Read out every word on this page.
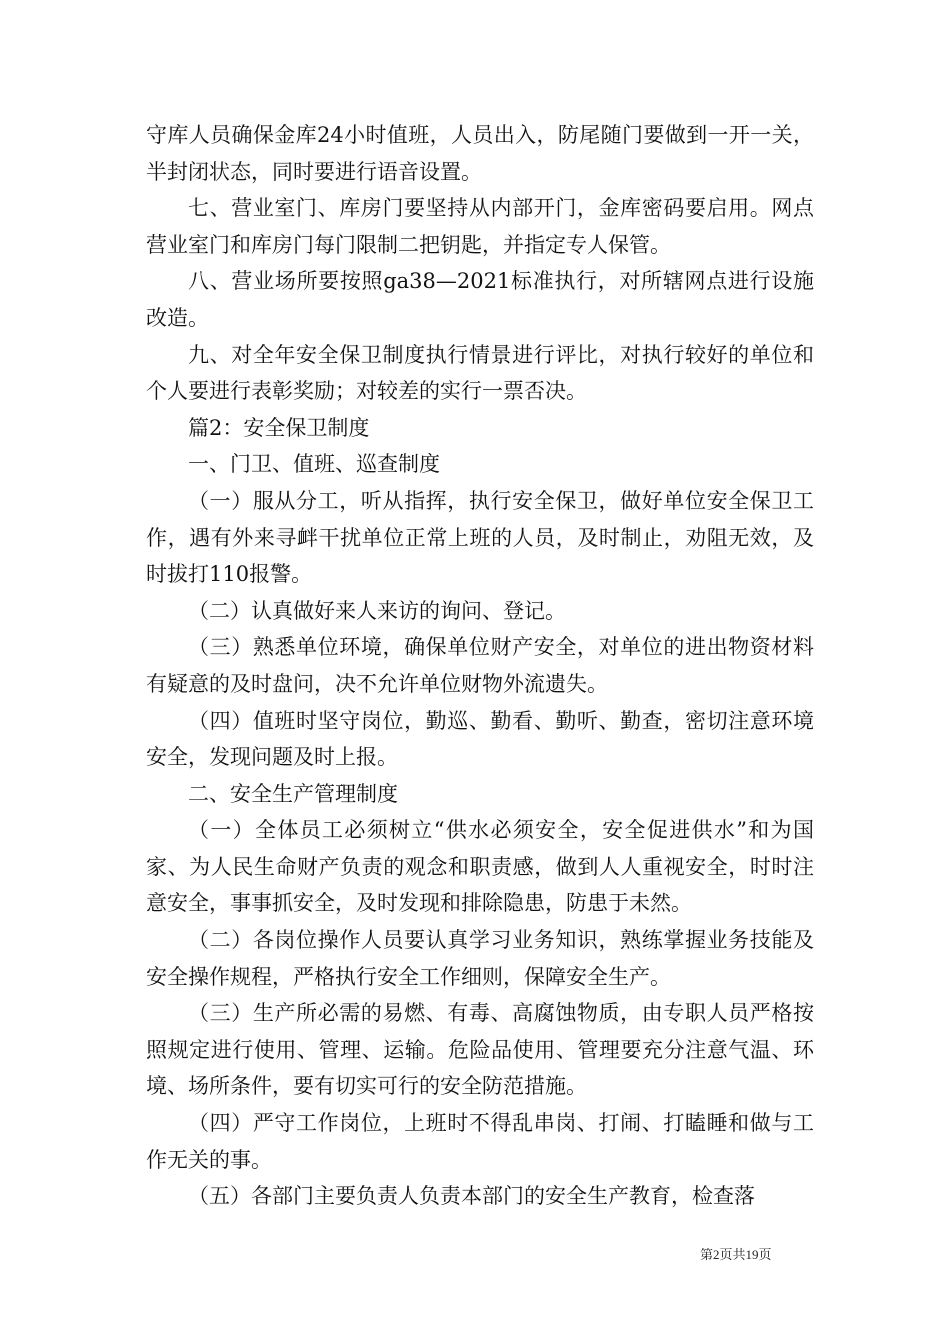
守库人员确保金库24小时值班，人员出入，防尾随门要做到一开一关，半封闭状态，同时要进行语音设置。

七、营业室门、库房门要坚持从内部开门，金库密码要启用。网点营业室门和库房门每门限制二把钥匙，并指定专人保管。

八、营业场所要按照ga38—2021标准执行，对所辖网点进行设施改造。

九、对全年安全保卫制度执行情景进行评比，对执行较好的单位和个人要进行表彰奖励；对较差的实行一票否决。

篇2：安全保卫制度

一、门卫、值班、巡查制度

（一）服从分工，听从指挥，执行安全保卫，做好单位安全保卫工作，遇有外来寻衅干扰单位正常上班的人员，及时制止，劝阻无效，及时拔打110报警。

（二）认真做好来人来访的询问、登记。

（三）熟悉单位环境，确保单位财产安全，对单位的进出物资材料有疑意的及时盘问，决不允许单位财物外流遗失。

（四）值班时坚守岗位，勤巡、勤看、勤听、勤查，密切注意环境安全，发现问题及时上报。

二、安全生产管理制度

（一）全体员工必须树立“供水必须安全，安全促进供水”和为国家、为人民生命财产负责的观念和职责感，做到人人重视安全，时时注意安全，事事抓安全，及时发现和排除隐患，防患于未然。

（二）各岗位操作人员要认真学习业务知识，熟练掌握业务技能及安全操作规程，严格执行安全工作细则，保障安全生产。

（三）生产所必需的易燃、有毒、高腐蚀物质，由专职人员严格按照规定进行使用、管理、运输。危险品使用、管理要充分注意气温、环境、场所条件，要有切实可行的安全防范措施。

（四）严守工作岗位，上班时不得乱串岗、打闹、打瞌睡和做与工作无关的事。

（五）各部门主要负责人负责本部门的安全生产教育，检查落

第2页共19页
